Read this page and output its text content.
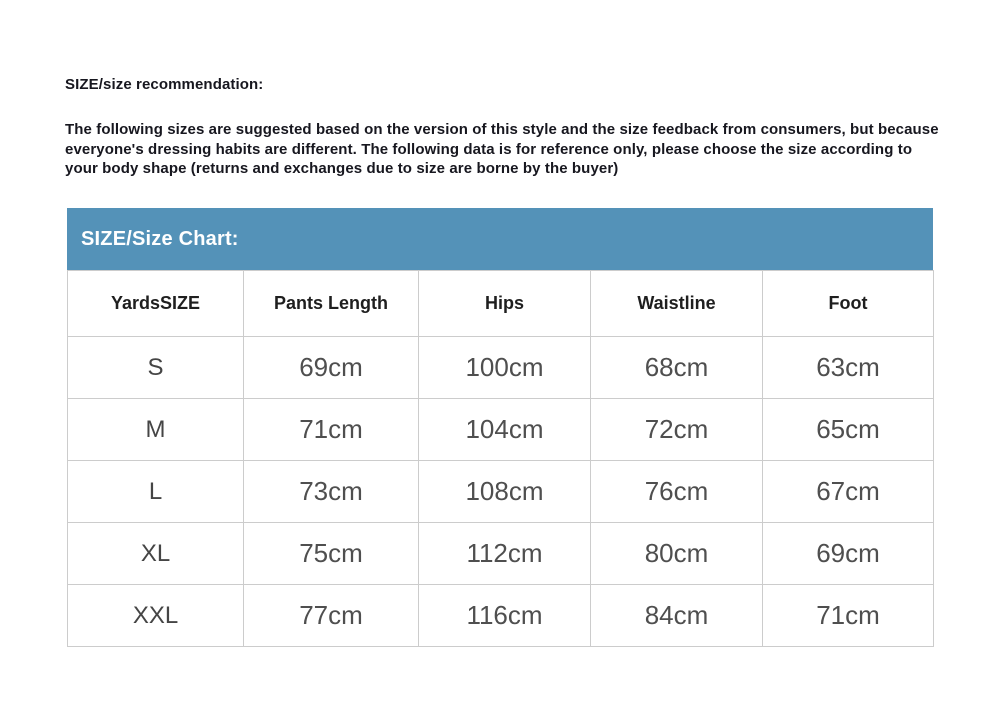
SIZE/size recommendation:
The following sizes are suggested based on the version of this style and the size feedback from consumers, but because everyone's dressing habits are different. The following data is for reference only, please choose the size according to your body shape (returns and exchanges due to size are borne by the buyer)
SIZE/Size Chart:
YardsSIZE	Pants Length	Hips	Waistline	Foot
S	69cm	100cm	68cm	63cm
M	71cm	104cm	72cm	65cm
L	73cm	108cm	76cm	67cm
XL	75cm	112cm	80cm	69cm
XXL	77cm	116cm	84cm	71cm
